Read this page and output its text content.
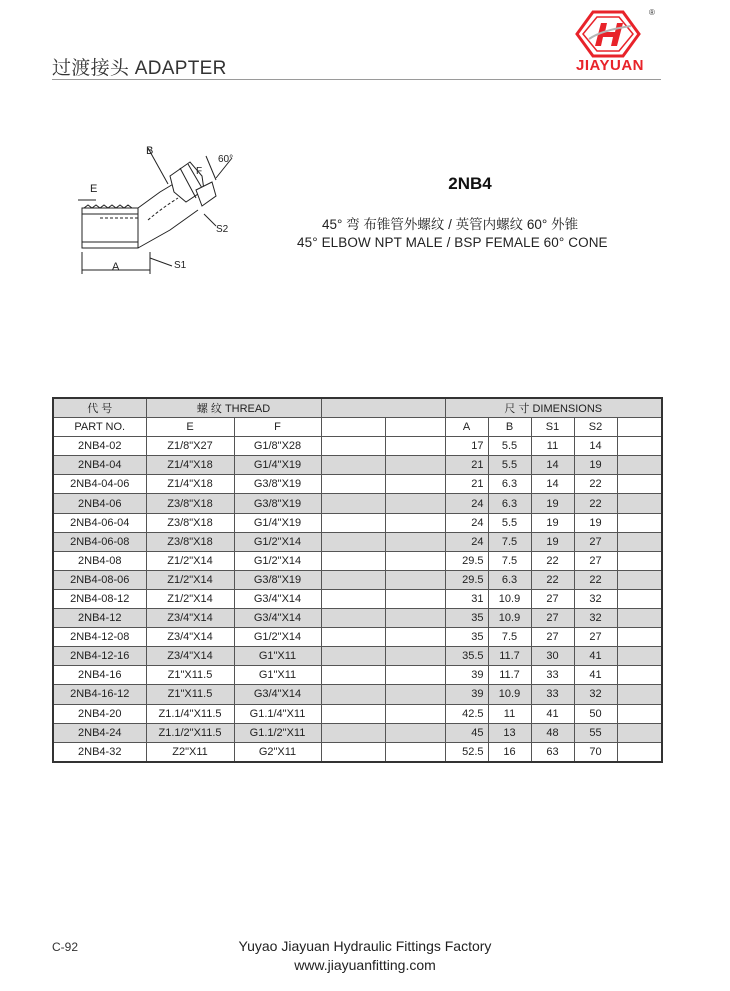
过渡接头 ADAPTER
®
JIAYUAN
B
E
A	S1
S2
F
60°
2NB4
45° 弯 布锥管外螺纹 / 英管内螺纹 60° 外锥
45° ELBOW NPT MALE / BSP FEMALE 60° CONE
代 号	螺 纹 THREAD				尺 寸 DIMENSIONS				
PART NO.	E	F			A	B	S1	S2	
2NB4-02	Z1/8"X27	G1/8"X28			17	5.5	11	14	
2NB4-04	Z1/4"X18	G1/4"X19			21	5.5	14	19	
2NB4-04-06	Z1/4"X18	G3/8"X19			21	6.3	14	22	
2NB4-06	Z3/8"X18	G3/8"X19			24	6.3	19	22	
2NB4-06-04	Z3/8"X18	G1/4"X19			24	5.5	19	19	
2NB4-06-08	Z3/8"X18	G1/2"X14			24	7.5	19	27	
2NB4-08	Z1/2"X14	G1/2"X14			29.5	7.5	22	27	
2NB4-08-06	Z1/2"X14	G3/8"X19			29.5	6.3	22	22	
2NB4-08-12	Z1/2"X14	G3/4"X14			31	10.9	27	32	
2NB4-12	Z3/4"X14	G3/4"X14			35	10.9	27	32	
2NB4-12-08	Z3/4"X14	G1/2"X14			35	7.5	27	27	
2NB4-12-16	Z3/4"X14	G1"X11			35.5	11.7	30	41	
2NB4-16	Z1"X11.5	G1"X11			39	11.7	33	41	
2NB4-16-12	Z1"X11.5	G3/4"X14			39	10.9	33	32	
2NB4-20	Z1.1/4"X11.5	G1.1/4"X11			42.5	11	41	50	
2NB4-24	Z1.1/2"X11.5	G1.1/2"X11			45	13	48	55	
2NB4-32	Z2"X11	G2"X11			52.5	16	63	70	
C-92	Yuyao Jiayuan Hydraulic Fittings Factory
www.jiayuanfitting.com
